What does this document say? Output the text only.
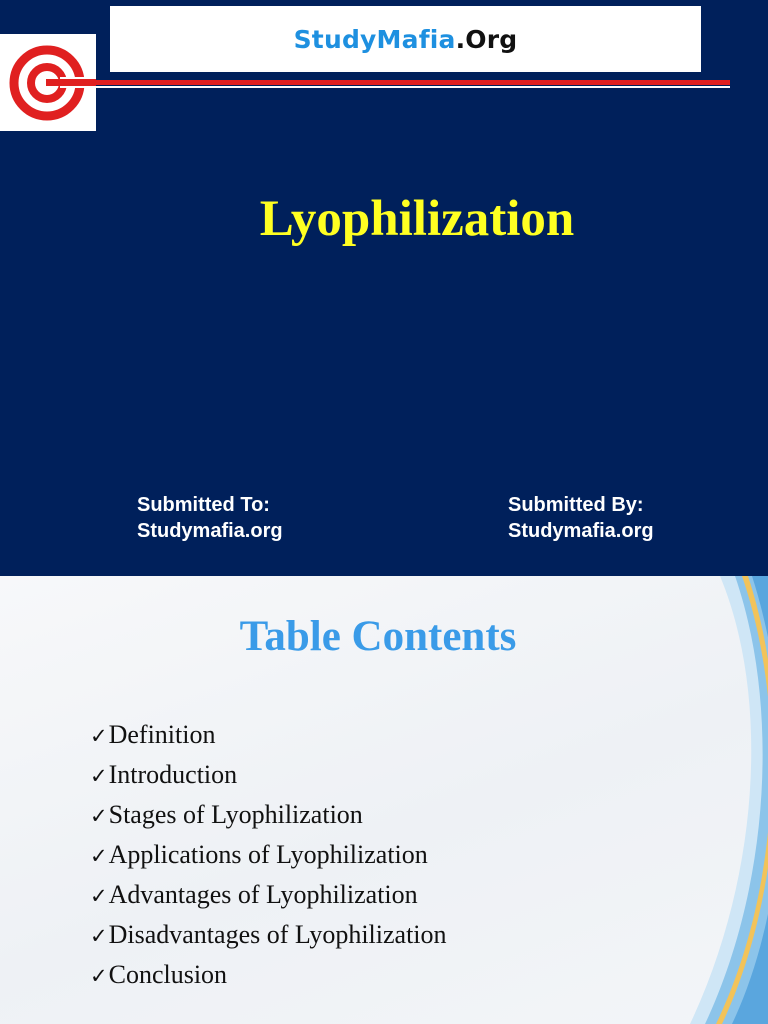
StudyMafia.Org
Lyophilization
Submitted To:
Studymafia.org
Submitted By:
Studymafia.org
Table Contents
✓Definition
✓Introduction
✓Stages of Lyophilization
✓Applications of Lyophilization
✓Advantages of Lyophilization
✓Disadvantages of Lyophilization
✓Conclusion
